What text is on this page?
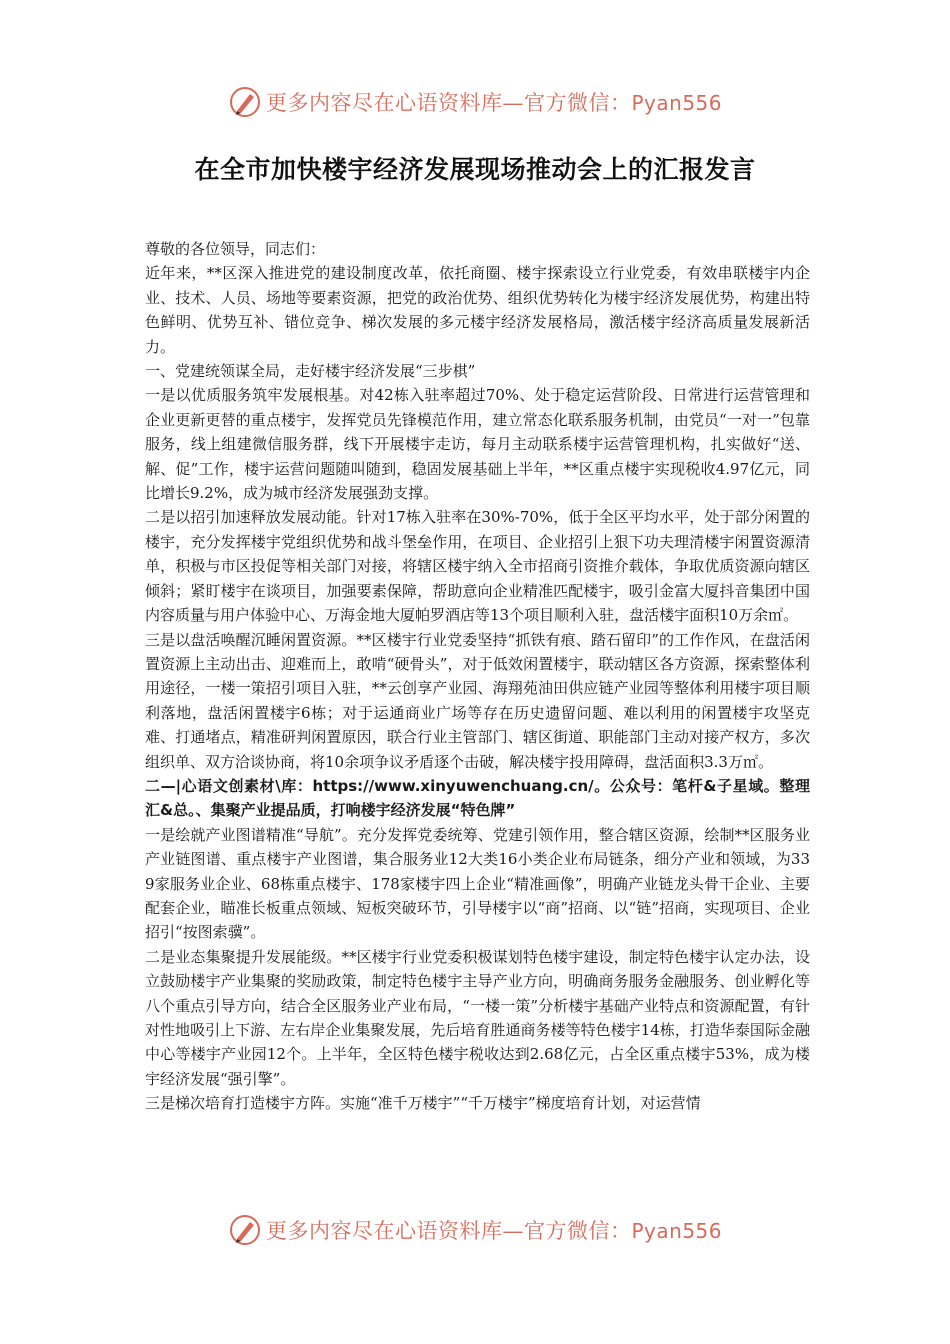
更多内容尽在心语资料库—官方微信：Pyan556
在全市加快楼宇经济发展现场推动会上的汇报发言

尊敬的各位领导，同志们：

近年来，**区深入推进党的建设制度改革，依托商圈、楼宇探索设立行业党委，有效串联楼宇内企业、技术、人员、场地等要素资源，把党的政治优势、组织优势转化为楼宇经济发展优势，构建出特色鲜明、优势互补、错位竞争、梯次发展的多元楼宇经济发展格局，激活楼宇经济高质量发展新活力。

一、党建统领谋全局，走好楼宇经济发展“三步棋”

一是以优质服务筑牢发展根基。对42栋入驻率超过70%、处于稳定运营阶段、日常进行运营管理和企业更新更替的重点楼宇，发挥党员先锋模范作用，建立常态化联系服务机制，由党员“一对一”包靠服务，线上组建微信服务群，线下开展楼宇走访，每月主动联系楼宇运营管理机构，扎实做好“送、解、促”工作，楼宇运营问题随叫随到，稳固发展基础上半年，**区重点楼宇实现税收4.97亿元，同比增长9.2%，成为城市经济发展强劲支撑。

二是以招引加速释放发展动能。针对17栋入驻率在30%-70%，低于全区平均水平，处于部分闲置的楼宇，充分发挥楼宇党组织优势和战斗堡垒作用，在项目、企业招引上狠下功夫理清楼宇闲置资源清单，积极与市区投促等相关部门对接，将辖区楼宇纳入全市招商引资推介载体，争取优质资源向辖区倾斜；紧盯楼宇在谈项目，加强要素保障，帮助意向企业精准匹配楼宇，吸引金富大厦抖音集团中国内容质量与用户体验中心、万海金地大厦帕罗酒店等13个项目顺利入驻，盘活楼宇面积10万余㎡。

三是以盘活唤醒沉睡闲置资源。**区楼宇行业党委坚持“抓铁有痕、踏石留印”的工作作风，在盘活闲置资源上主动出击、迎难而上，敢啃“硬骨头”，对于低效闲置楼宇，联动辖区各方资源，探索整体利用途径，一楼一策招引项目入驻，**云创享产业园、海翔苑油田供应链产业园等整体利用楼宇项目顺利落地，盘活闲置楼宇6栋；对于运通商业广场等存在历史遗留问题、难以利用的闲置楼宇攻坚克难、打通堵点，精准研判闲置原因，联合行业主管部门、辖区街道、职能部门主动对接产权方，多次组织单、双方洽谈协商，将10余项争议矛盾逐个击破，解决楼宇投用障碍，盘活面积3.3万㎡。

二—|心语文创素材\库：https://www.xinyuwenchuang.cn/。公众号：笔杆&子星域。整理汇&总。、集聚产业提品质，打响楼宇经济发展“特色牌”

一是绘就产业图谱精准“导航”。充分发挥党委统筹、党建引领作用，整合辖区资源，绘制**区服务业产业链图谱、重点楼宇产业图谱，集合服务业12大类16小类企业布局链条，细分产业和领域，为339家服务业企业、68栋重点楼宇、178家楼宇四上企业“精准画像”，明确产业链龙头骨干企业、主要配套企业，瞄准长板重点领域、短板突破环节，引导楼宇以“商”招商、以“链”招商，实现项目、企业招引“按图索骥”。

二是业态集聚提升发展能级。**区楼宇行业党委积极谋划特色楼宇建设，制定特色楼宇认定办法，设立鼓励楼宇产业集聚的奖励政策，制定特色楼宇主导产业方向，明确商务服务金融服务、创业孵化等八个重点引导方向，结合全区服务业产业布局，“一楼一策”分析楼宇基础产业特点和资源配置，有针对性地吸引上下游、左右岸企业集聚发展，先后培育胜通商务楼等特色楼宇14栋，打造华泰国际金融中心等楼宇产业园12个。上半年，全区特色楼宇税收达到2.68亿元，占全区重点楼宇53%，成为楼宇经济发展“强引擎”。

三是梯次培育打造楼宇方阵。实施“准千万楼宇”“千万楼宇”梯度培育计划，对运营情

更多内容尽在心语资料库—官方微信：Pyan556
